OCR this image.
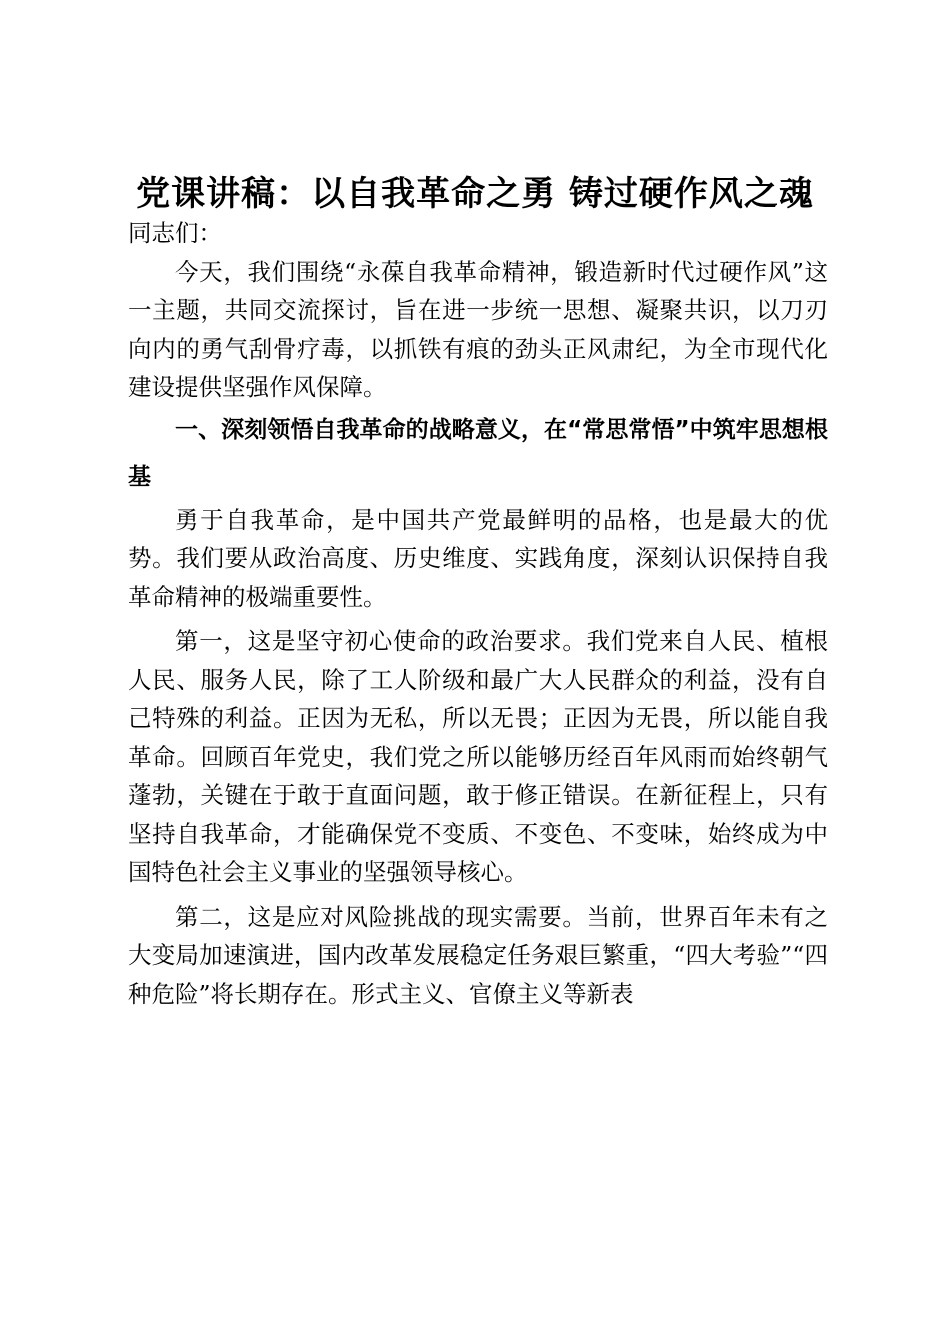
党课讲稿：以自我革命之勇 铸过硬作风之魂

同志们：

今天，我们围绕“永葆自我革命精神，锻造新时代过硬作风”这一主题，共同交流探讨，旨在进一步统一思想、凝聚共识，以刀刃向内的勇气刮骨疗毒，以抓铁有痕的劲头正风肃纪，为全市现代化建设提供坚强作风保障。

一、深刻领悟自我革命的战略意义，在“常思常悟”中筑牢思想根基

勇于自我革命，是中国共产党最鲜明的品格，也是最大的优势。我们要从政治高度、历史维度、实践角度，深刻认识保持自我革命精神的极端重要性。

第一，这是坚守初心使命的政治要求。我们党来自人民、植根人民、服务人民，除了工人阶级和最广大人民群众的利益，没有自己特殊的利益。正因为无私，所以无畏；正因为无畏，所以能自我革命。回顾百年党史，我们党之所以能够历经百年风雨而始终朝气蓬勃，关键在于敢于直面问题，敢于修正错误。在新征程上，只有坚持自我革命，才能确保党不变质、不变色、不变味，始终成为中国特色社会主义事业的坚强领导核心。

第二，这是应对风险挑战的现实需要。当前，世界百年未有之大变局加速演进，国内改革发展稳定任务艰巨繁重，“四大考验”“四种危险”将长期存在。形式主义、官僚主义等新表
